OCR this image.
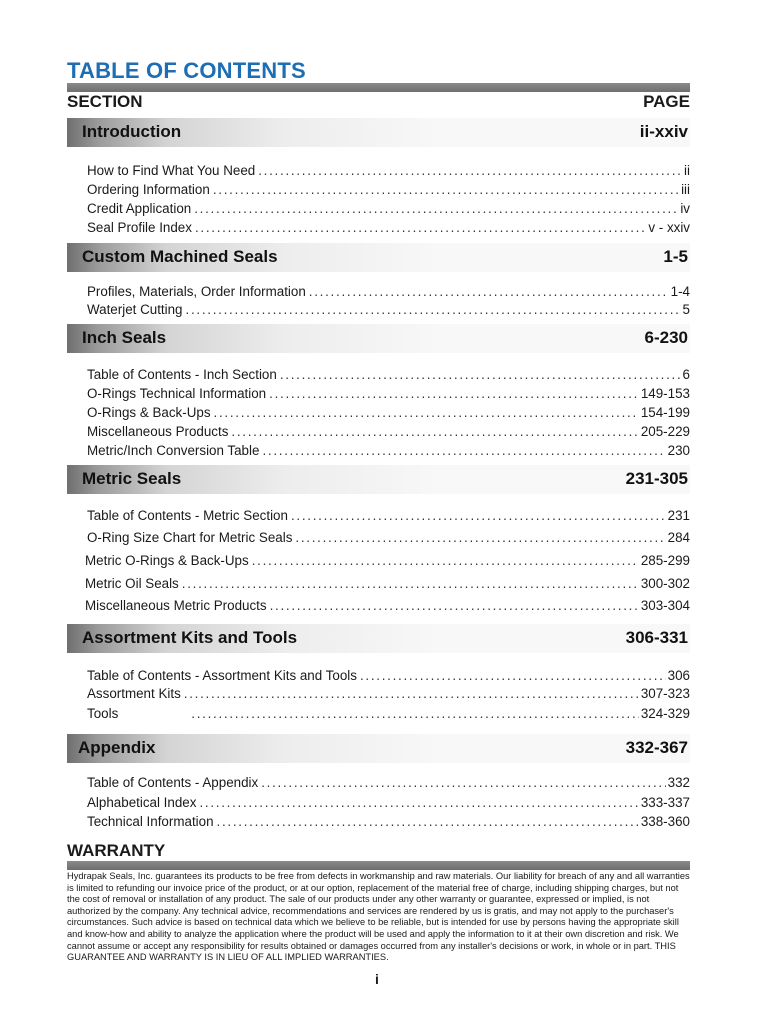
TABLE OF CONTENTS
SECTION	PAGE
Introduction	ii-xxiv
How to Find What You Need . . .	ii
Ordering Information . . .	iii
Credit Application . . .	iv
Seal Profile Index . . .	v - xxiv
Custom Machined Seals	1-5
Profiles, Materials, Order Information . . .	1-4
Waterjet Cutting . . .	5
Inch Seals	6-230
Table of Contents - Inch Section . . .	6
O-Rings Technical Information . . .	149-153
O-Rings & Back-Ups . . .	154-199
Miscellaneous Products . . .	205-229
Metric/Inch Conversion Table . . .	230
Metric Seals	231-305
Table of Contents - Metric Section . . .	231
O-Ring Size Chart for Metric Seals . . .	284
Metric O-Rings & Back-Ups . . .	285-299
Metric Oil Seals . . .	300-302
Miscellaneous Metric Products . . .	303-304
Assortment Kits and Tools	306-331
Table of Contents - Assortment Kits and Tools . . .	306
Assortment Kits . . .	307-323
Tools . . .	324-329
Appendix	332-367
Table of Contents - Appendix . . .	332
Alphabetical Index . . .	333-337
Technical Information . . .	338-360
WARRANTY
Hydrapak Seals, Inc. guarantees its products to be free from defects in workmanship and raw materials. Our liability for breach of any and all warranties is limited to refunding our invoice price of the product, or at our option, replacement of the material free of charge, including shipping charges, but not the cost of removal or installation of any product. The sale of our products under any other warranty or guarantee, expressed or implied, is not authorized by the company. Any technical advice, recommendations and services are rendered by us is gratis, and may not apply to the purchaser's circumstances. Such advice is based on technical data which we believe to be reliable, but is intended for use by persons having the appropriate skill and know-how and ability to analyze the application where the product will be used and apply the information to it at their own discretion and risk. We cannot assume or accept any responsibility for results obtained or damages occurred from any installer's decisions or work, in whole or in part. THIS GUARANTEE AND WARRANTY IS IN LIEU OF ALL IMPLIED WARRANTIES.
i
